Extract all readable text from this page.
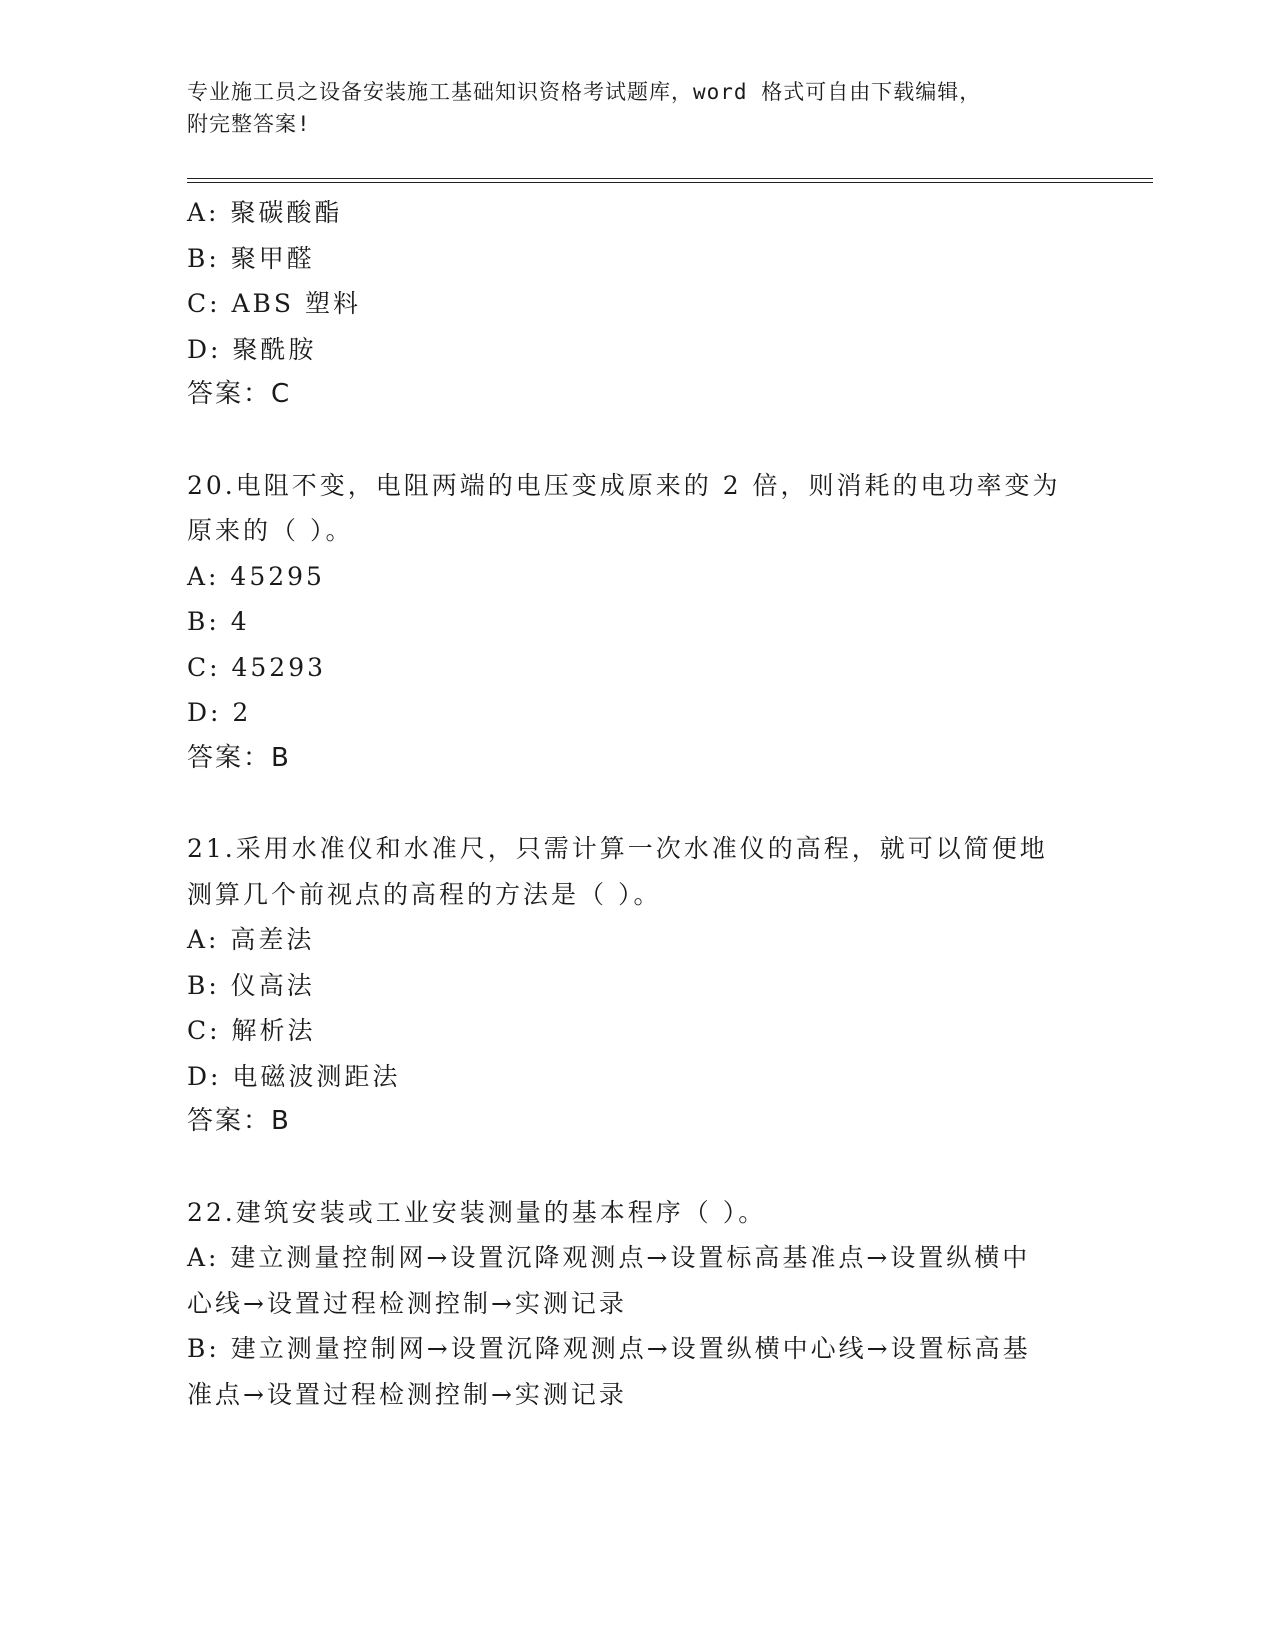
专业施工员之设备安装施工基础知识资格考试题库，word 格式可自由下载编辑，

附完整答案!

A: 聚碳酸酯

B: 聚甲醛

C: ABS 塑料

D: 聚酰胺

答案：C

20.电阻不变，电阻两端的电压变成原来的 2 倍，则消耗的电功率变为

原来的（ ）。

A: 45295

B: 4

C: 45293

D: 2

答案：B

21.采用水准仪和水准尺，只需计算一次水准仪的高程，就可以简便地

测算几个前视点的高程的方法是（ ）。

A: 高差法

B: 仪高法

C: 解析法

D: 电磁波测距法

答案：B

22.建筑安装或工业安装测量的基本程序（ ）。

A: 建立测量控制网→设置沉降观测点→设置标高基准点→设置纵横中

心线→设置过程检测控制→实测记录

B: 建立测量控制网→设置沉降观测点→设置纵横中心线→设置标高基

准点→设置过程检测控制→实测记录
